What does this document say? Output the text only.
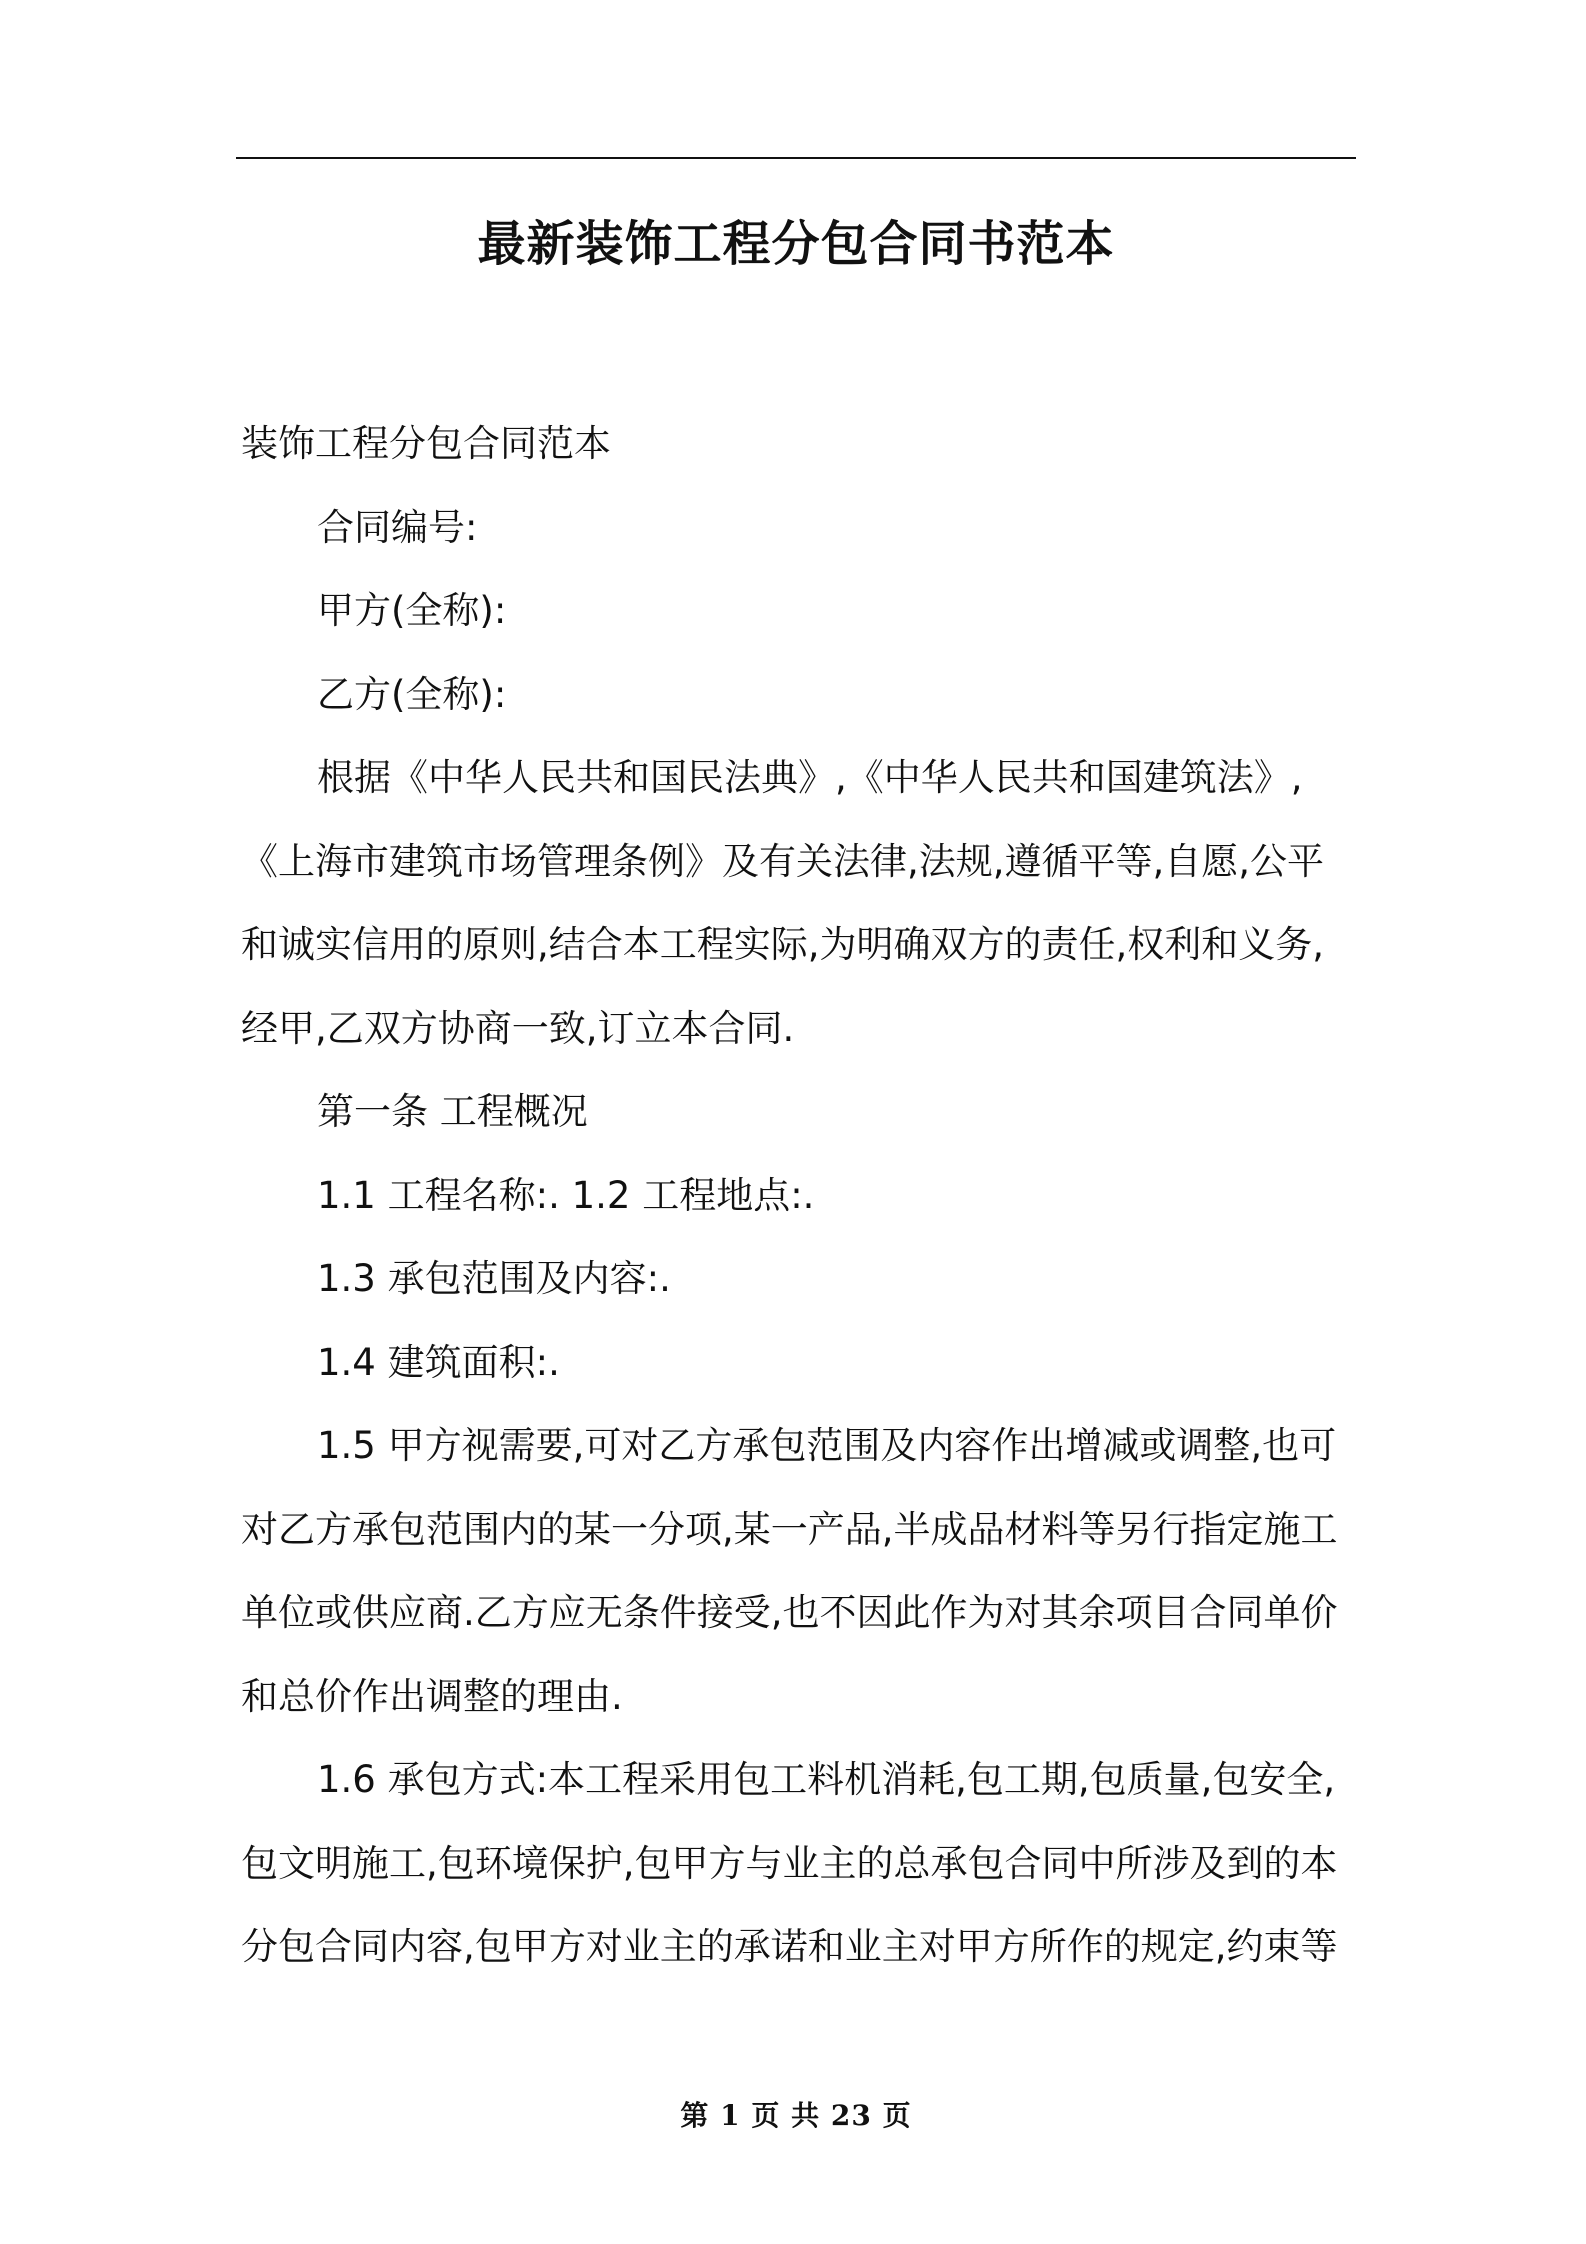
最新装饰工程分包合同书范本

装饰工程分包合同范本

合同编号:

甲方(全称):

乙方(全称):

根据《中华人民共和国民法典》,《中华人民共和国建筑法》,《上海市建筑市场管理条例》及有关法律,法规,遵循平等,自愿,公平和诚实信用的原则,结合本工程实际,为明确双方的责任,权利和义务,经甲,乙双方协商一致,订立本合同.

第一条 工程概况

1.1 工程名称:. 1.2 工程地点:.

1.3 承包范围及内容:.

1.4 建筑面积:.

1.5 甲方视需要,可对乙方承包范围及内容作出增减或调整,也可对乙方承包范围内的某一分项,某一产品,半成品材料等另行指定施工单位或供应商.乙方应无条件接受,也不因此作为对其余项目合同单价和总价作出调整的理由.

1.6 承包方式:本工程采用包工料机消耗,包工期,包质量,包安全,包文明施工,包环境保护,包甲方与业主的总承包合同中所涉及到的本分包合同内容,包甲方对业主的承诺和业主对甲方所作的规定,约束等

第 1 页 共 23 页
